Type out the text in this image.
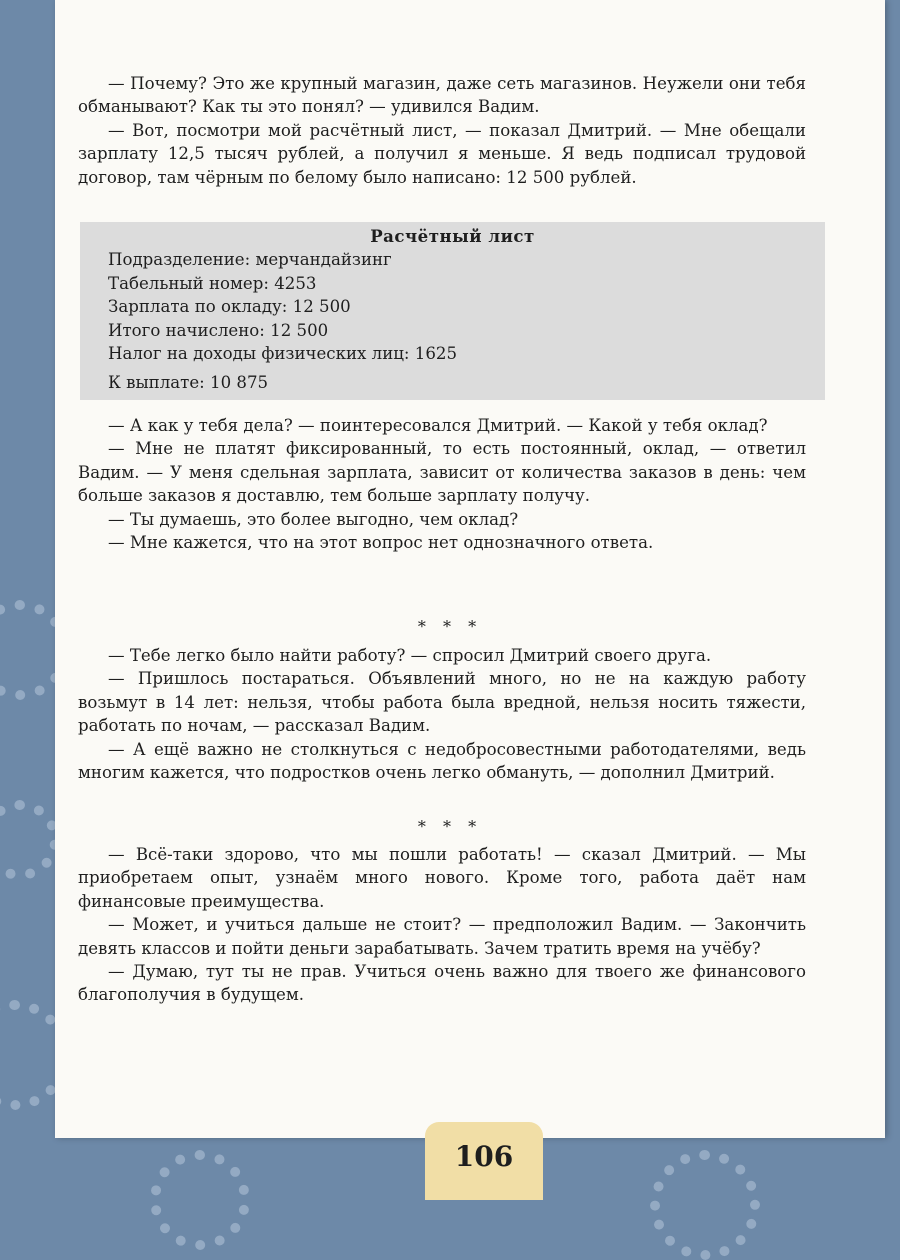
— Почему? Это же крупный магазин, даже сеть магазинов. Неужели они тебя обманывают? Как ты это понял? — удивился Вадим.

— Вот, посмотри мой расчётный лист, — показал Дмитрий. — Мне обещали зарплату 12,5 тысяч рублей, а получил я меньше. Я ведь подписал трудовой договор, там чёрным по белому было написано: 12 500 рублей.

Расчётный лист
Подразделение: мерчандайзинг
Табельный номер: 4253
Зарплата по окладу: 12 500
Итого начислено: 12 500
Налог на доходы физических лиц: 1625
К выплате: 10 875

— А как у тебя дела? — поинтересовался Дмитрий. — Какой у тебя оклад?

— Мне не платят фиксированный, то есть постоянный, оклад, — ответил Вадим. — У меня сдельная зарплата, зависит от количества заказов в день: чем больше заказов я доставлю, тем больше зарплату получу.

— Ты думаешь, это более выгодно, чем оклад?

— Мне кажется, что на этот вопрос нет однозначного ответа.

* * *

— Тебе легко было найти работу? — спросил Дмитрий своего друга.

— Пришлось постараться. Объявлений много, но не на каждую работу возьмут в 14 лет: нельзя, чтобы работа была вредной, нельзя носить тяжести, работать по ночам, — рассказал Вадим.

— А ещё важно не столкнуться с недобросовестными работодателями, ведь многим кажется, что подростков очень легко обмануть, — дополнил Дмитрий.

* * *

— Всё-таки здорово, что мы пошли работать! — сказал Дмитрий. — Мы приобретаем опыт, узнаём много нового. Кроме того, работа даёт нам финансовые преимущества.

— Может, и учиться дальше не стоит? — предположил Вадим. — Закончить девять классов и пойти деньги зарабатывать. Зачем тратить время на учёбу?

— Думаю, тут ты не прав. Учиться очень важно для твоего же финансового благополучия в будущем.

106
